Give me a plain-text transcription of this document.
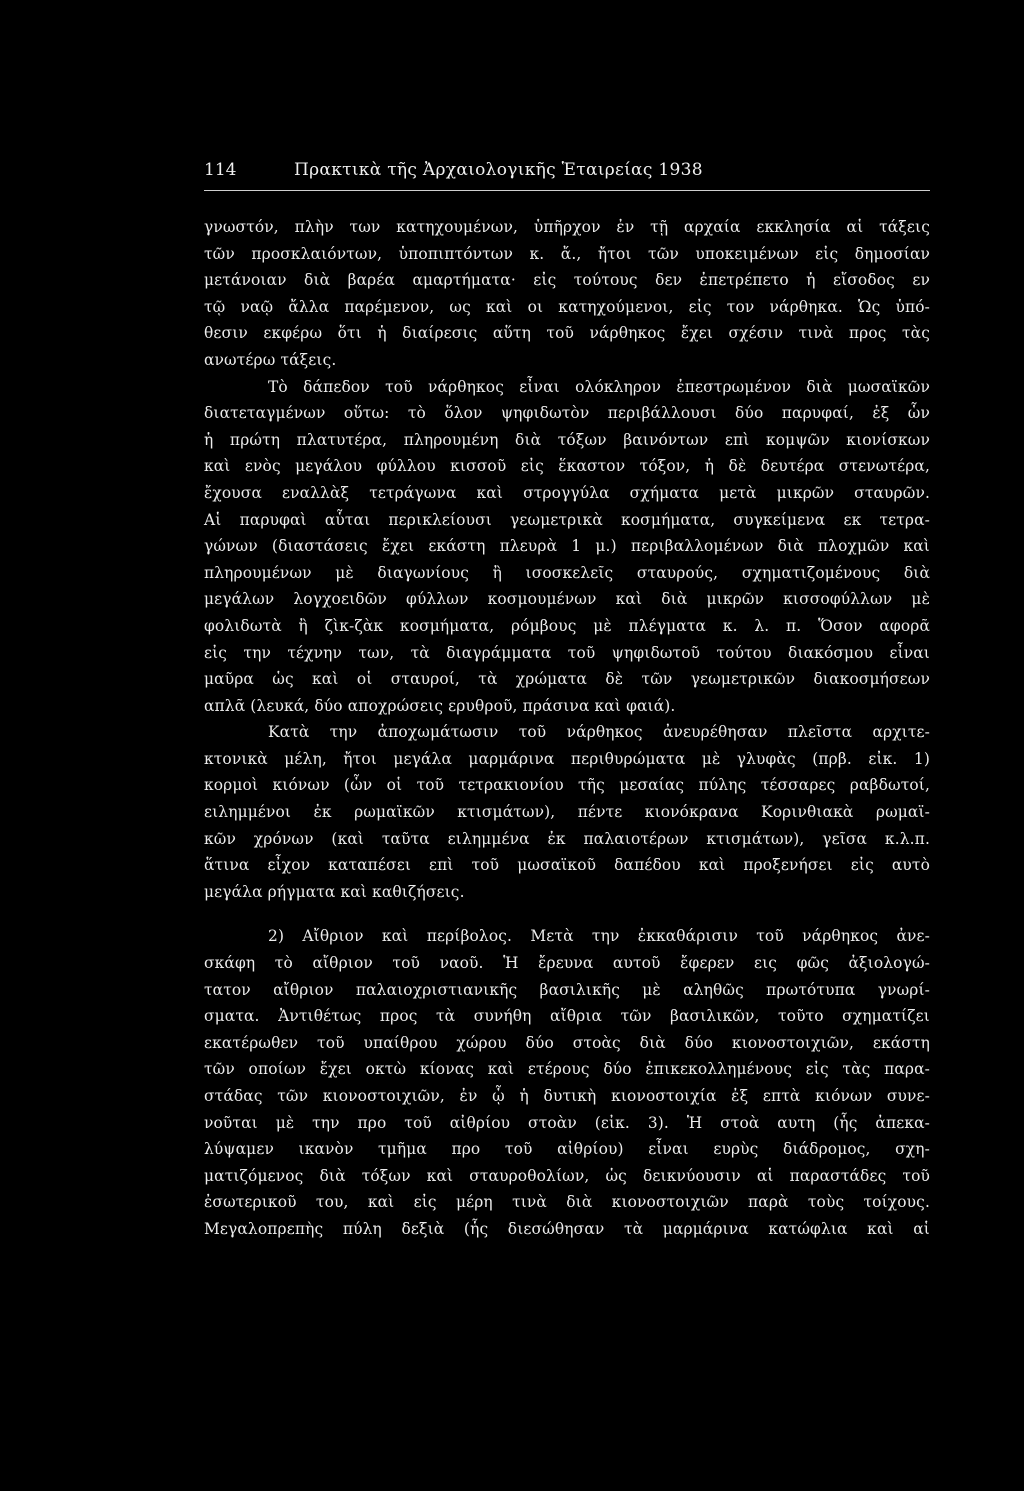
114	Πρακτικὰ τῆς Ἀρχαιολογικῆς Ἑταιρείας 1938
γνωστόν, πλὴν των κατηχουμένων, ὑπῆρχον ἐν τῇ αρχαία εκκλησία αἱ τάξεις
τῶν προσκλαιόντων, ὑποπιπτόντων κ. ἄ., ἤτοι τῶν υποκειμένων εἰς δημοσίαν
μετάνοιαν διὰ βαρέα αμαρτήματα· εἰς τούτους δεν ἐπετρέπετο ἡ εἴσοδος εν
τῷ ναῷ ἄλλα παρέμενον, ως καὶ οι κατηχούμενοι, εἰς τον νάρθηκα. Ὡς ὑπό-
θεσιν εκφέρω ὅτι ἡ διαίρεσις αὕτη τοῦ νάρθηκος ἔχει σχέσιν τινὰ προς τὰς
ανωτέρω τάξεις.
Τὸ δάπεδον τοῦ νάρθηκος εἶναι ολόκληρον ἐπεστρωμένον διὰ μωσαϊκῶν
διατεταγμένων οὕτω: τὸ ὅλον ψηφιδωτὸν περιβάλλουσι δύο παρυφαί, ἐξ ὧν
ἡ πρώτη πλατυτέρα, πληρουμένη διὰ τόξων βαινόντων επὶ κομψῶν κιονίσκων
καὶ ενὸς μεγάλου φύλλου κισσοῦ εἰς ἕκαστον τόξον, ἡ δὲ δευτέρα στενωτέρα,
ἔχουσα εναλλὰξ τετράγωνα καὶ στρογγύλα σχήματα μετὰ μικρῶν σταυρῶν.
Αἱ παρυφαὶ αὗται περικλείουσι γεωμετρικὰ κοσμήματα, συγκείμενα εκ τετρα-
γώνων (διαστάσεις ἔχει εκάστη πλευρὰ 1 μ.) περιβαλλομένων διὰ πλοχμῶν καὶ
πληρουμένων μὲ διαγωνίους ἢ ισοσκελεῖς σταυρούς, σχηματιζομένους διὰ
μεγάλων λογχοειδῶν φύλλων κοσμουμένων καὶ διὰ μικρῶν κισσοφύλλων μὲ
φολιδωτὰ ἢ ζὶκ-ζὰκ κοσμήματα, ρόμβους μὲ πλέγματα κ. λ. π. Ὅσον αφορᾶ
εἰς την τέχνην των, τὰ διαγράμματα τοῦ ψηφιδωτοῦ τούτου διακόσμου εἶναι
μαῦρα ὡς καὶ οἱ σταυροί, τὰ χρώματα δὲ τῶν γεωμετρικῶν διακοσμήσεων
απλᾶ (λευκά, δύο αποχρώσεις ερυθροῦ, πράσινα καὶ φαιά).
Κατὰ την ἀποχωμάτωσιν τοῦ νάρθηκος ἀνευρέθησαν πλεῖστα αρχιτε-
κτονικὰ μέλη, ἤτοι μεγάλα μαρμάρινα περιθυρώματα μὲ γλυφὰς (πρβ. εἰκ. 1)
κορμοὶ κιόνων (ὧν οἱ τοῦ τετρακιονίου τῆς μεσαίας πύλης τέσσαρες ραβδωτοί,
ειλημμένοι ἐκ ρωμαϊκῶν κτισμάτων), πέντε κιονόκρανα Κορινθιακὰ ρωμαϊ-
κῶν χρόνων (καὶ ταῦτα ειλημμένα ἐκ παλαιοτέρων κτισμάτων), γεῖσα κ.λ.π.
ἅτινα εἶχον καταπέσει επὶ τοῦ μωσαϊκοῦ δαπέδου καὶ προξενήσει εἰς αυτὸ
μεγάλα ρήγματα καὶ καθιζήσεις.
2) Αἴθριον καὶ περίβολος. Μετὰ την ἐκκαθάρισιν τοῦ νάρθηκος ἀνε-
σκάφη τὸ αἴθριον τοῦ ναοῦ. Ἡ ἔρευνα αυτοῦ ἔφερεν εις φῶς ἀξιολογώ-
τατον αἴθριον παλαιοχριστιανικῆς βασιλικῆς μὲ αληθῶς πρωτότυπα γνωρί-
σματα. Ἀντιθέτως προς τὰ συνήθη αἴθρια τῶν βασιλικῶν, τοῦτο σχηματίζει
εκατέρωθεν τοῦ υπαίθρου χώρου δύο στοὰς διὰ δύο κιονοστοιχιῶν, εκάστη
τῶν οποίων ἔχει οκτὼ κίονας καὶ ετέρους δύο ἐπικεκολλημένους εἰς τὰς παρα-
στάδας τῶν κιονοστοιχιῶν, ἐν ᾧ ἡ δυτικὴ κιονοστοιχία ἐξ επτὰ κιόνων συνε-
νοῦται μὲ την προ τοῦ αἰθρίου στοὰν (εἰκ. 3). Ἡ στοὰ αυτη (ἧς ἀπεκα-
λύψαμεν ικανὸν τμῆμα προ τοῦ αἰθρίου) εἶναι ευρὺς διάδρομος, σχη-
ματιζόμενος διὰ τόξων καὶ σταυροθολίων, ὡς δεικνύουσιν αἱ παραστάδες τοῦ
ἐσωτερικοῦ του, καὶ εἰς μέρη τινὰ διὰ κιονοστοιχιῶν παρὰ τοὺς τοίχους.
Μεγαλοπρεπὴς πύλη δεξιὰ (ἧς διεσώθησαν τὰ μαρμάρινα κατώφλια καὶ αἱ
